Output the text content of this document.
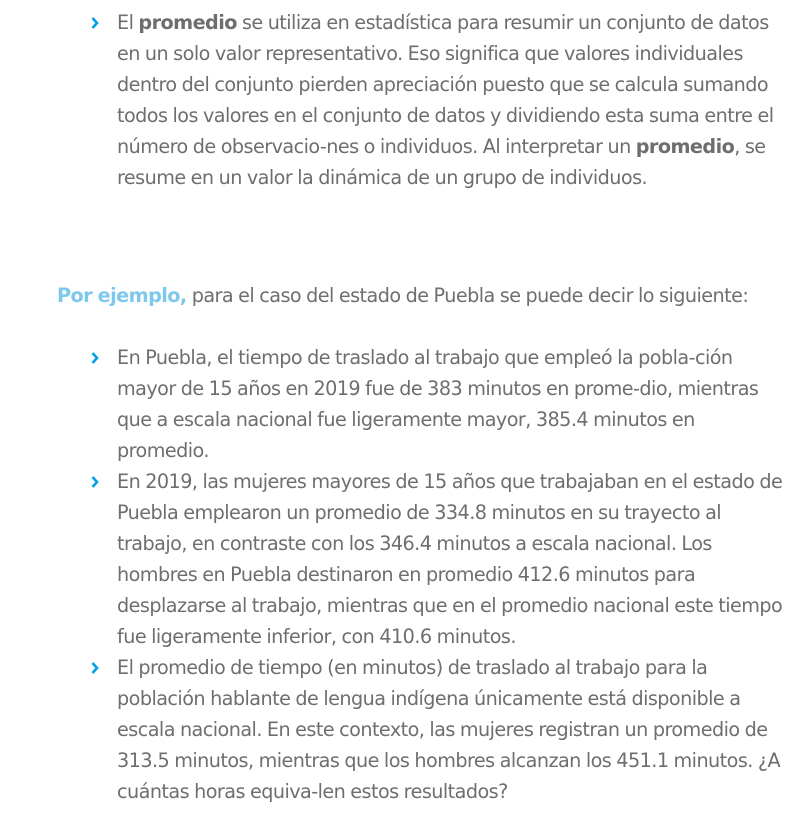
El promedio se utiliza en estadística para resumir un conjunto de datos en un solo valor representativo. Eso significa que valores individuales dentro del conjunto pierden apreciación puesto que se calcula sumando todos los valores en el conjunto de datos y dividiendo esta suma entre el número de observacio-nes o individuos. Al interpretar un promedio, se resume en un valor la dinámica de un grupo de individuos.
Por ejemplo, para el caso del estado de Puebla se puede decir lo siguiente:
En Puebla, el tiempo de traslado al trabajo que empleó la pobla-ción mayor de 15 años en 2019 fue de 383 minutos en prome-dio, mientras que a escala nacional fue ligeramente mayor, 385.4 minutos en promedio.
En 2019, las mujeres mayores de 15 años que trabajaban en el estado de Puebla emplearon un promedio de 334.8 minutos en su trayecto al trabajo, en contraste con los 346.4 minutos a escala nacional. Los hombres en Puebla destinaron en promedio 412.6 minutos para desplazarse al trabajo, mientras que en el promedio nacional este tiempo fue ligeramente inferior, con 410.6 minutos.
El promedio de tiempo (en minutos) de traslado al trabajo para la población hablante de lengua indígena únicamente está disponible a escala nacional. En este contexto, las mujeres registran un promedio de 313.5 minutos, mientras que los hombres alcanzan los 451.1 minutos. ¿A cuántas horas equiva-len estos resultados?
